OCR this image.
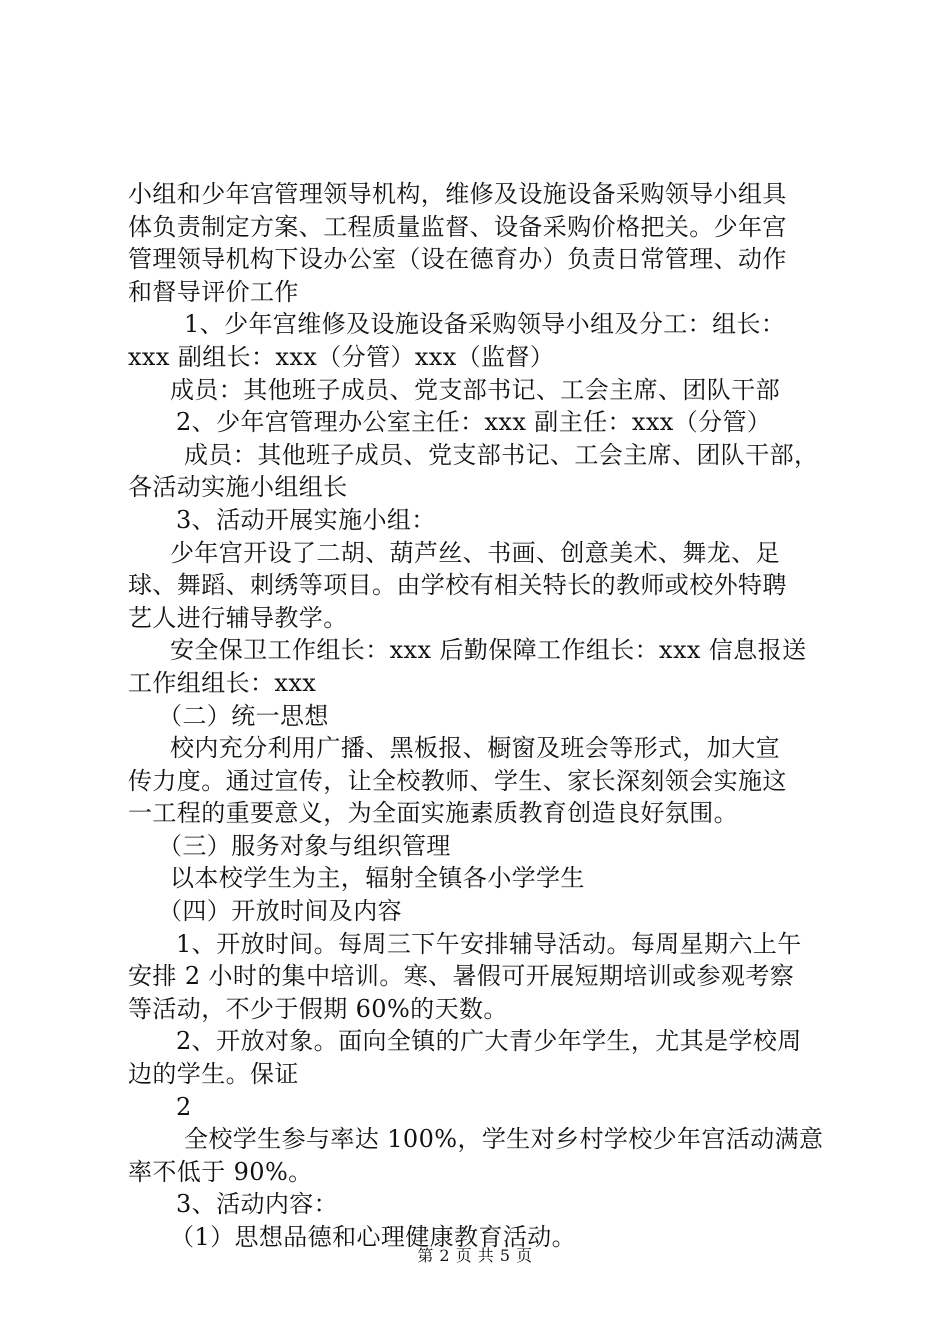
小组和少年宫管理领导机构，维修及设施设备采购领导小组具
体负责制定方案、工程质量监督、设备采购价格把关。少年宫
管理领导机构下设办公室（设在德育办）负责日常管理、动作
和督导评价工作
1、少年宫维修及设施设备采购领导小组及分工：组长：
xxx 副组长：xxx（分管）xxx（监督）
成员：其他班子成员、党支部书记、工会主席、团队干部
2、少年宫管理办公室主任：xxx 副主任：xxx（分管）
成员：其他班子成员、党支部书记、工会主席、团队干部，
各活动实施小组组长
3、活动开展实施小组：
少年宫开设了二胡、葫芦丝、书画、创意美术、舞龙、足
球、舞蹈、刺绣等项目。由学校有相关特长的教师或校外特聘
艺人进行辅导教学。
安全保卫工作组长：xxx 后勤保障工作组长：xxx 信息报送
工作组组长：xxx
（二）统一思想
校内充分利用广播、黑板报、橱窗及班会等形式，加大宣
传力度。通过宣传，让全校教师、学生、家长深刻领会实施这
一工程的重要意义，为全面实施素质教育创造良好氛围。
（三）服务对象与组织管理
以本校学生为主，辐射全镇各小学学生
（四）开放时间及内容
1、开放时间。每周三下午安排辅导活动。每周星期六上午
安排 2 小时的集中培训。寒、暑假可开展短期培训或参观考察
等活动，不少于假期 60%的天数。
2、开放对象。面向全镇的广大青少年学生，尤其是学校周
边的学生。保证
2
全校学生参与率达 100%，学生对乡村学校少年宫活动满意
率不低于 90%。
3、活动内容：
（1）思想品德和心理健康教育活动。
第 2 页 共 5 页
